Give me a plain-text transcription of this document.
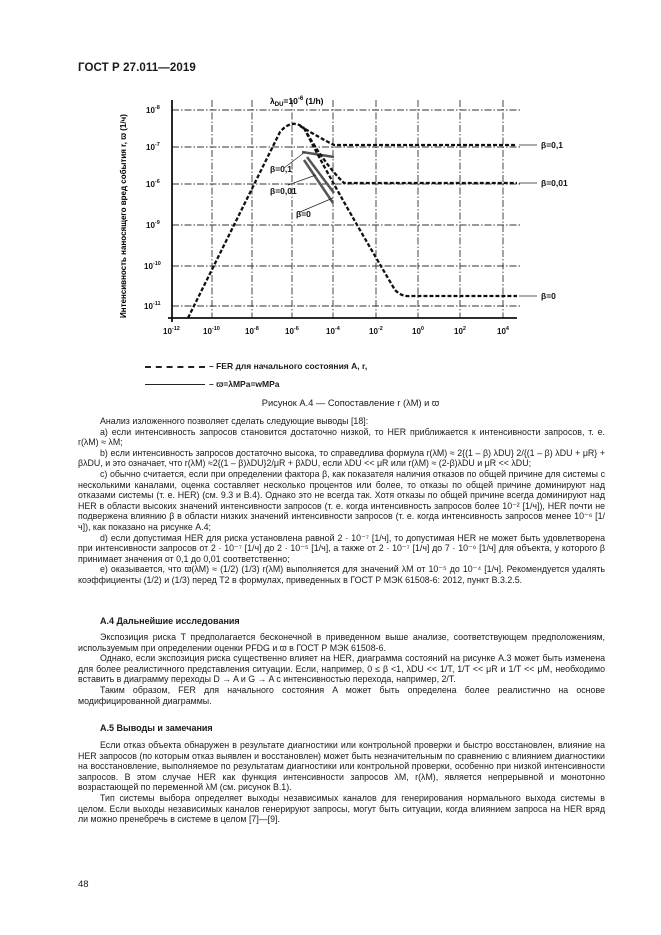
ГОСТ Р 27.011—2019
Интенсивность наносящего вред события r, ϖ (1/ч)
$\lambda_{DU}=10^{-6}$ (1/h)
β=0,1
β=0,01
β=0
β=0,1
β=0,01
β=0
$10^{-8}$
$10^{-7}$
$10^{-6}$
$10^{-9}$
$10^{-10}$
$10^{-11}$
$10^{-12}$	$10^{-10}$	$10^{-8}$	$10^{-6}$	$10^{-4}$	$10^{-2}$	$10^0$	$10^2$	$10^4$
– FER для начального состояния A, r,
– ϖ=λMPa=wMPa
Рисунок А.4 — Сопоставление r (λM) и ϖ

Анализ изложенного позволяет сделать следующие выводы [18]:

a) если интенсивность запросов становится достаточно низкой, то HER приближается к интенсивности запросов, т. е. r(λM) ≈ λM;

b) если интенсивность запросов достаточно высока, то справедлива формула r(λM) ≈ 2{(1 – β) λDU} 2/{(1 – β) λDU + μR} + βλDU, и это означает, что r(λM) ≈2{(1 – β)λDU}2/μR + βλDU, если λDU << μR или r(λM) ≈ (2-β)λDU и μR << λDU;

c) обычно считается, если при определении фактора β, как показателя наличия отказов по общей причине для системы с несколькими каналами, оценка составляет несколько процентов или более, то отказы по общей причине доминируют над отказами системы (т. е. HER) (см. 9.3 и B.4). Однако это не всегда так. Хотя отказы по общей причине всегда доминируют над HER в области высоких значений интенсивности запросов (т. е. когда интенсивность запросов более 10⁻² [1/ч]), HER почти не подвержена влиянию β в области низких значений интенсивности запросов (т. е. когда интенсивность запросов менее 10⁻⁶ [1/ч]), как показано на рисунке A.4;

d) если допустимая HER для риска установлена равной 2 · 10⁻⁷ [1/ч], то допустимая HER не может быть удовлетворена при интенсивности запросов от 2 · 10⁻⁷ [1/ч] до 2 · 10⁻⁵ [1/ч], а также от 2 · 10⁻⁷ [1/ч] до 7 · 10⁻⁶ [1/ч] для объекта, у которого β принимает значения от 0,1 до 0,01 соответственно;

e) оказывается, что ϖ(λM) ≈ (1/2) (1/3) r(λM) выполняется для значений λM от 10⁻⁵ до 10⁻⁴ [1/ч]. Рекомендуется удалять коэффициенты (1/2) и (1/3) перед T2 в формулах, приведенных в ГОСТ Р МЭК 61508-6: 2012, пункт B.3.2.5.

A.4 Дальнейшие исследования

Экспозиция риска T предполагается бесконечной в приведенном выше анализе, соответствующем предположениям, используемым при определении оценки PFDG и ϖ в ГОСТ Р МЭК 61508-6.

Однако, если экспозиция риска существенно влияет на HER, диаграмма состояний на рисунке A.3 может быть изменена для более реалистичного представления ситуации. Если, например, 0 ≤ β <1, λDU << 1/T, 1/T << μR и 1/T << μM, необходимо вставить в диаграмму переходы D → A и G → A с интенсивностью перехода, например, 2/T.

Таким образом, FER для начального состояния A может быть определена более реалистично на основе модифицированной диаграммы.

A.5 Выводы и замечания

Если отказ объекта обнаружен в результате диагностики или контрольной проверки и быстро восстановлен, влияние на HER запросов (по которым отказ выявлен и восстановлен) может быть незначительным по сравнению с влиянием диагностики на восстановление, выполняемое по результатам диагностики или контрольной проверки, особенно при низкой интенсивности запросов. В этом случае HER как функция интенсивности запросов λM, r(λM), является непрерывной и монотонно возрастающей по переменной λM (см. рисунок B.1).

Тип системы выбора определяет выходы независимых каналов для генерирования нормального выхода системы в целом. Если выходы независимых каналов генерируют запросы, могут быть ситуации, когда влиянием запроса на HER вряд ли можно пренебречь в системе в целом [7]—[9].

48
